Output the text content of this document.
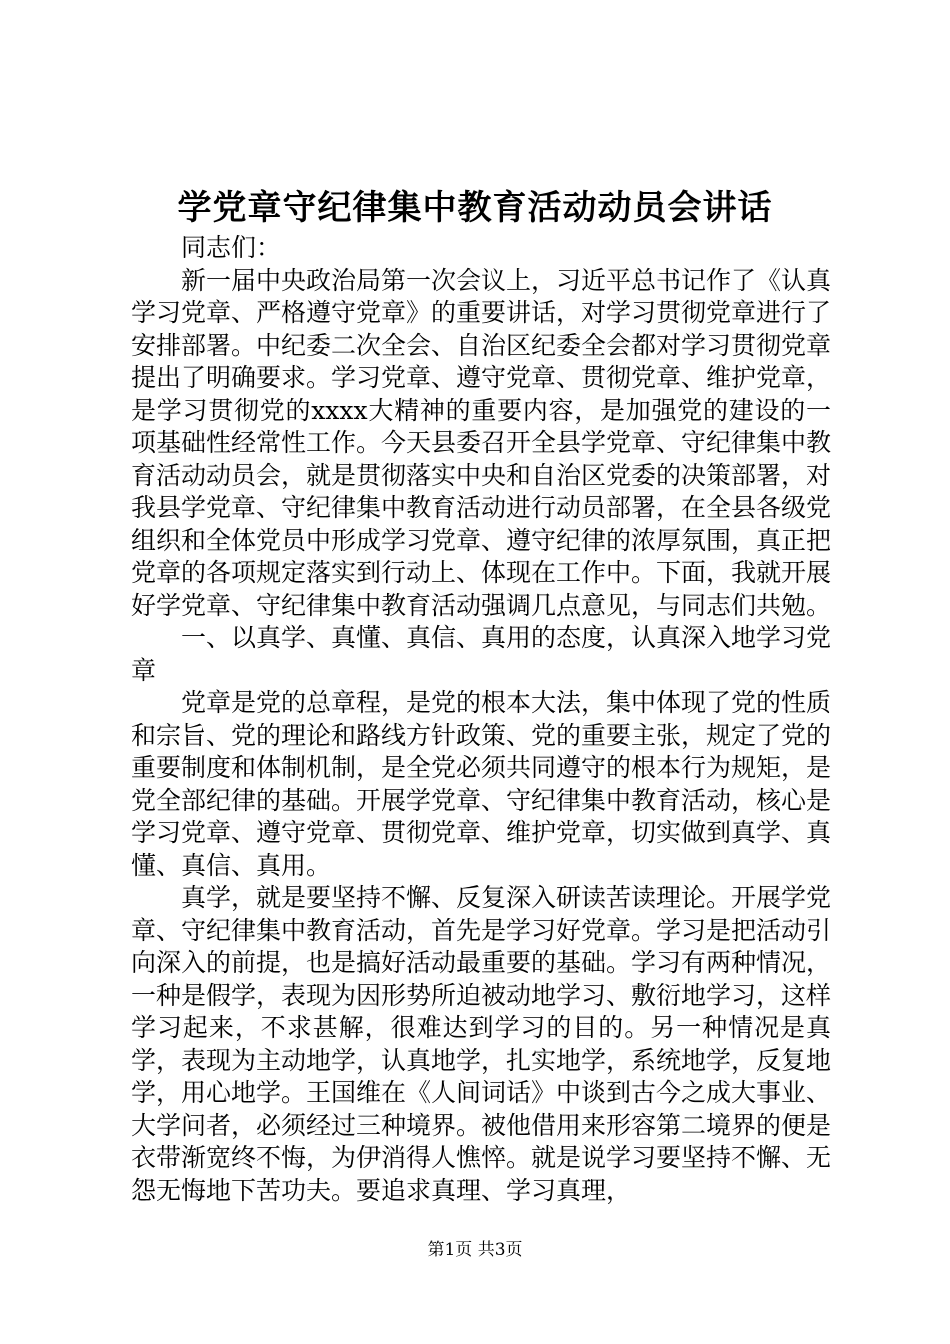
学党章守纪律集中教育活动动员会讲话

同志们：

新一届中央政治局第一次会议上，习近平总书记作了《认真学习党章、严格遵守党章》的重要讲话，对学习贯彻党章进行了安排部署。中纪委二次全会、自治区纪委全会都对学习贯彻党章提出了明确要求。学习党章、遵守党章、贯彻党章、维护党章，是学习贯彻党的xxxx大精神的重要内容，是加强党的建设的一项基础性经常性工作。今天县委召开全县学党章、守纪律集中教育活动动员会，就是贯彻落实中央和自治区党委的决策部署，对我县学党章、守纪律集中教育活动进行动员部署，在全县各级党组织和全体党员中形成学习党章、遵守纪律的浓厚氛围，真正把党章的各项规定落实到行动上、体现在工作中。下面，我就开展好学党章、守纪律集中教育活动强调几点意见，与同志们共勉。

一、以真学、真懂、真信、真用的态度，认真深入地学习党章

党章是党的总章程，是党的根本大法，集中体现了党的性质和宗旨、党的理论和路线方针政策、党的重要主张，规定了党的重要制度和体制机制，是全党必须共同遵守的根本行为规矩，是党全部纪律的基础。开展学党章、守纪律集中教育活动，核心是学习党章、遵守党章、贯彻党章、维护党章，切实做到真学、真懂、真信、真用。

真学，就是要坚持不懈、反复深入研读苦读理论。开展学党章、守纪律集中教育活动，首先是学习好党章。学习是把活动引向深入的前提，也是搞好活动最重要的基础。学习有两种情况，一种是假学，表现为因形势所迫被动地学习、敷衍地学习，这样学习起来，不求甚解，很难达到学习的目的。另一种情况是真学，表现为主动地学，认真地学，扎实地学，系统地学，反复地学，用心地学。王国维在《人间词话》中谈到古今之成大事业、大学问者，必须经过三种境界。被他借用来形容第二境界的便是衣带渐宽终不悔，为伊消得人憔悴。就是说学习要坚持不懈、无怨无悔地下苦功夫。要追求真理、学习真理，

第1页 共3页
